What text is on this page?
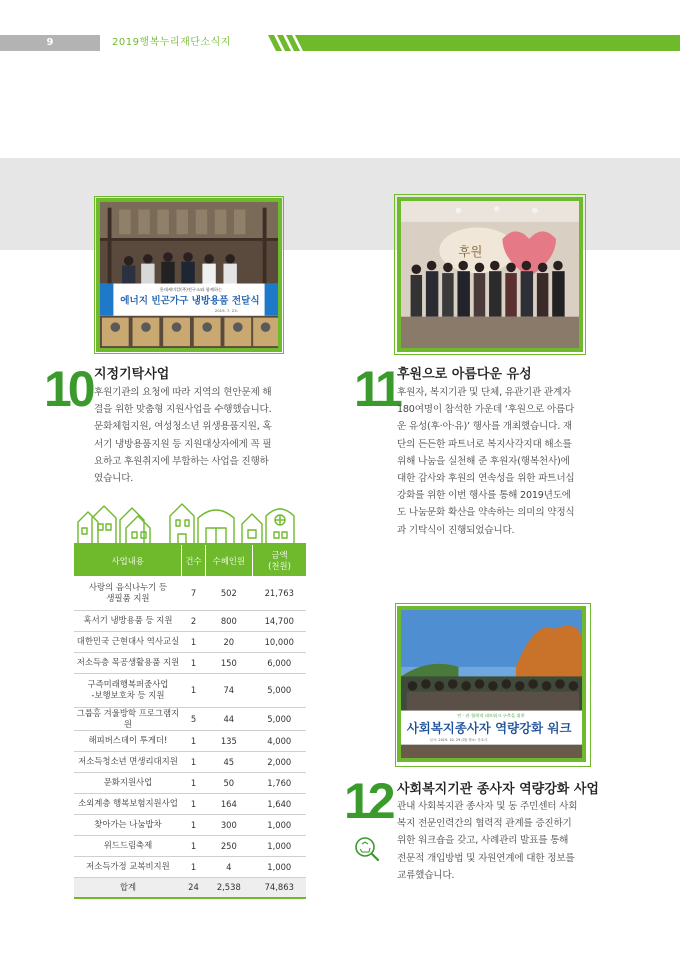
9	2019행복누리재단소식지
롯데케미칼(주)전구소와 함께하는
에너지 빈곤가구 냉방용품 전달식
2019. 7. 23.
후원
민 · 관 협력적 네트워크 구축을 위한
사회복지종사자 역량강화 워크
일시: 2019. 10. 29 (화) 장소: 속초시
10 지정기탁사업
후원기관의 요청에 따라 지역의 현안문제 해
결을 위한 맞춤형 지원사업을 수행했습니다.
문화체험지원, 여성청소년 위생용품지원, 혹
서기 냉방용품지원 등 지원대상자에게 꼭 필
요하고 후원취지에 부합하는 사업을 진행하
였습니다.
11
후원으로 아름다운 유성
후원자, 복지기관 및 단체, 유관기관 관계자
180여명이 참석한 가운데 ‘후원으로 아름다
운 유성(후·아·유)’ 행사를 개최했습니다. 재
단의 든든한 파트너로 복지사각지대 해소를
위해 나눔을 실천해 준 후원자(행복천사)에
대한 감사와 후원의 연속성을 위한 파트너십
강화를 위한 이번 행사를 통해 2019년도에
도 나눔문화 확산을 약속하는 의미의 약정식
과 기탁식이 진행되었습니다.
12 사회복지기관 종사자 역량강화 사업
관내 사회복지관 종사자 및 동 주민센터 사회
복지 전문인력간의 협력적 관계를 증진하기
위한 워크숍을 갖고, 사례관리 발표를 통해
전문적 개입방법 및 자원연계에 대한 정보를
교류했습니다.
사업내용	건수	수혜인원	금액
(천원)
사랑의 음식나누기 등
생필품 지원	7	502	21,763
혹서기 냉방용품 등 지원	2	800	14,700
대한민국 근현대사 역사교실	1	20	10,000
저소득층 목공생활용품 지원	1	150	6,000
구즉미래행복퍼줌사업
-보행보호차 등 지원	1	74	5,000
그룹홈 겨울방학 프로그램지원	5	44	5,000
해피버스데이 투게더!	1	135	4,000
저소득청소년 면생리대지원	1	45	2,000
문화지원사업	1	50	1,760
소외계층 행복보험지원사업	1	164	1,640
찾아가는 나눔밥차	1	300	1,000
위드드림축제	1	250	1,000
저소득가정 교복비지원	1	4	1,000
합계	24	2,538	74,863
